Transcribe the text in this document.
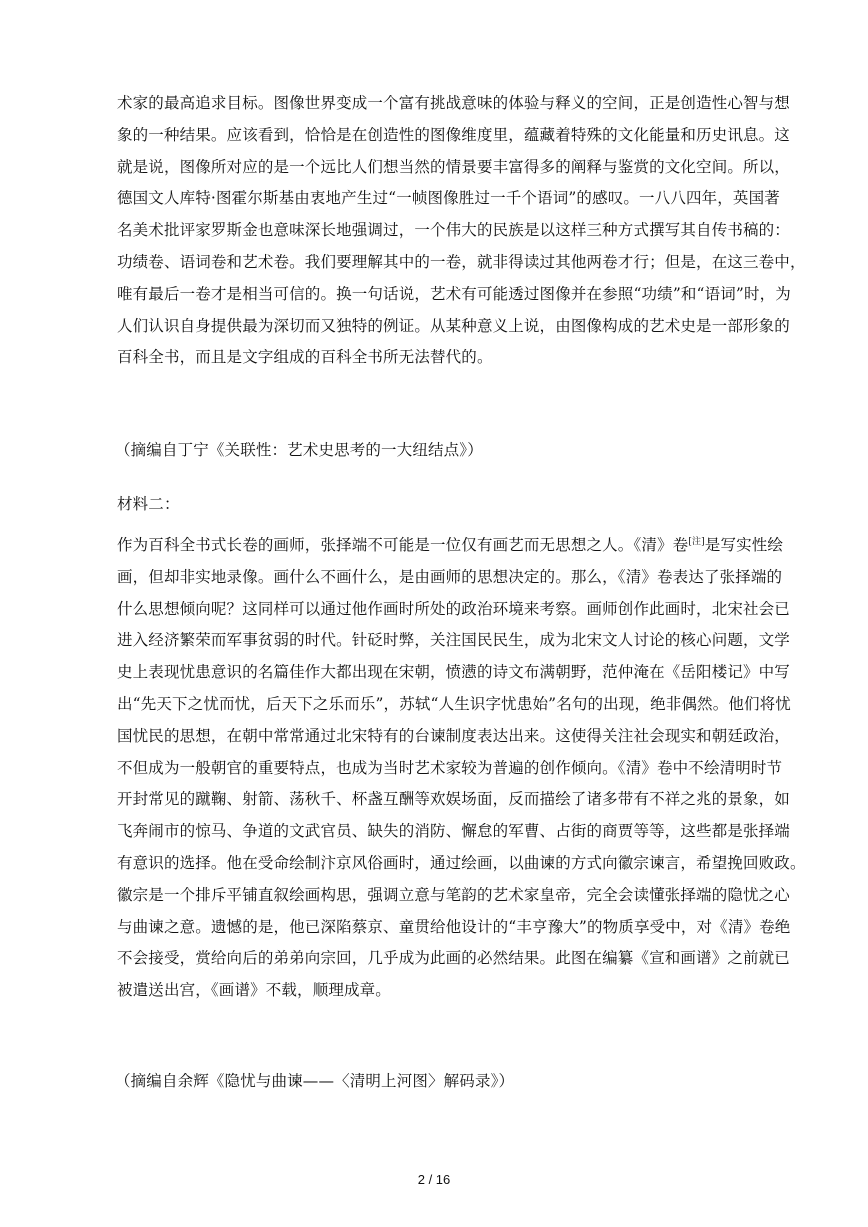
术家的最高追求目标。图像世界变成一个富有挑战意味的体验与释义的空间，正是创造性心智与想
象的一种结果。应该看到，恰恰是在创造性的图像维度里，蕴藏着特殊的文化能量和历史讯息。这
就是说，图像所对应的是一个远比人们想当然的情景要丰富得多的阐释与鉴赏的文化空间。所以，
德国文人库特·图霍尔斯基由衷地产生过“一帧图像胜过一千个语词”的感叹。一八八四年，英国著
名美术批评家罗斯金也意味深长地强调过，一个伟大的民族是以这样三种方式撰写其自传书稿的：
功绩卷、语词卷和艺术卷。我们要理解其中的一卷，就非得读过其他两卷才行；但是，在这三卷中，
唯有最后一卷才是相当可信的。换一句话说，艺术有可能透过图像并在参照“功绩”和“语词”时，为
人们认识自身提供最为深切而又独特的例证。从某种意义上说，由图像构成的艺术史是一部形象的
百科全书，而且是文字组成的百科全书所无法替代的。
（摘编自丁宁《关联性：艺术史思考的一大纽结点》）
材料二：
作为百科全书式长卷的画师，张择端不可能是一位仅有画艺而无思想之人。《清》卷[注]是写实性绘
画，但却非实地录像。画什么不画什么，是由画师的思想决定的。那么，《清》卷表达了张择端的
什么思想倾向呢？这同样可以通过他作画时所处的政治环境来考察。画师创作此画时，北宋社会已
进入经济繁荣而军事贫弱的时代。针砭时弊，关注国民民生，成为北宋文人讨论的核心问题，文学
史上表现忧患意识的名篇佳作大都出现在宋朝，愤懑的诗文布满朝野，范仲淹在《岳阳楼记》中写
出“先天下之忧而忧，后天下之乐而乐”，苏轼“人生识字忧患始”名句的出现，绝非偶然。他们将忧
国忧民的思想，在朝中常常通过北宋特有的台谏制度表达出来。这使得关注社会现实和朝廷政治，
不但成为一般朝官的重要特点，也成为当时艺术家较为普遍的创作倾向。《清》卷中不绘清明时节
开封常见的蹴鞠、射箭、荡秋千、杯盏互酬等欢娱场面，反而描绘了诸多带有不祥之兆的景象，如
飞奔闹市的惊马、争道的文武官员、缺失的消防、懈怠的军曹、占街的商贾等等，这些都是张择端
有意识的选择。他在受命绘制汴京风俗画时，通过绘画，以曲谏的方式向徽宗谏言，希望挽回败政。
徽宗是一个排斥平铺直叙绘画构思，强调立意与笔韵的艺术家皇帝，完全会读懂张择端的隐忧之心
与曲谏之意。遗憾的是，他已深陷蔡京、童贯给他设计的“丰亨豫大”的物质享受中，对《清》卷绝
不会接受，赏给向后的弟弟向宗回，几乎成为此画的必然结果。此图在编纂《宣和画谱》之前就已
被遣送出宫，《画谱》不载，顺理成章。
（摘编自余辉《隐忧与曲谏——〈清明上河图〉解码录》）
2 / 16
